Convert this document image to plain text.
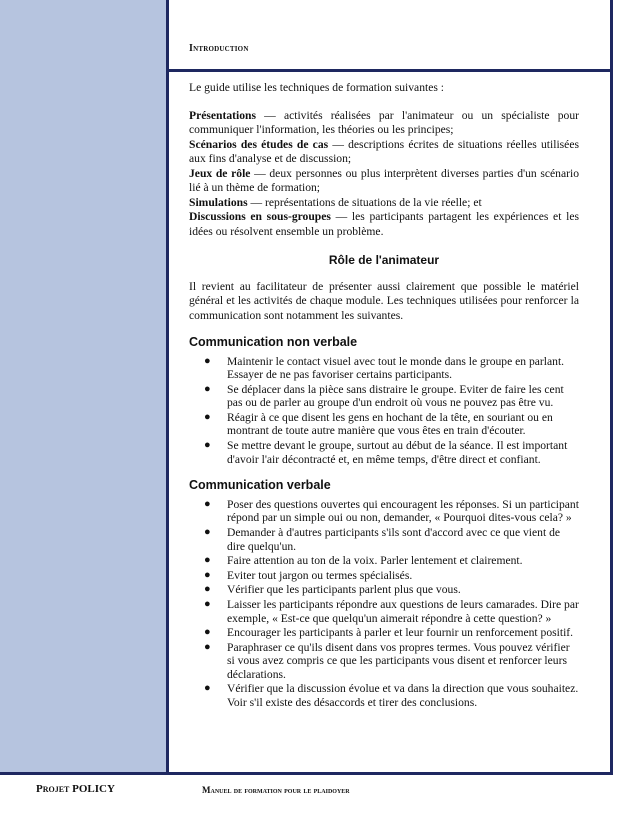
Introduction

Le guide utilise les techniques de formation suivantes :

Présentations — activités réalisées par l'animateur ou un spécialiste pour communiquer l'information, les théories ou les principes;

Scénarios des études de cas — descriptions écrites de situations réelles utilisées aux fins d'analyse et de discussion;

Jeux de rôle — deux personnes ou plus interprètent diverses parties d'un scénario lié à un thème de formation;

Simulations — représentations de situations de la vie réelle; et

Discussions en sous-groupes — les participants partagent les expériences et les idées ou résolvent ensemble un problème.

Rôle de l'animateur

Il revient au facilitateur de présenter aussi clairement que possible le matériel général et les activités de chaque module. Les techniques utilisées pour renforcer la communication sont notamment les suivantes.

Communication non verbale
● Maintenir le contact visuel avec tout le monde dans le groupe en parlant. Essayer de ne pas favoriser certains participants.
● Se déplacer dans la pièce sans distraire le groupe. Eviter de faire les cent pas ou de parler au groupe d'un endroit où vous ne pouvez pas être vu.
● Réagir à ce que disent les gens en hochant de la tête, en souriant ou en montrant de toute autre manière que vous êtes en train d'écouter.
● Se mettre devant le groupe, surtout au début de la séance. Il est important d'avoir l'air décontracté et, en même temps, d'être direct et confiant.
Communication verbale
● Poser des questions ouvertes qui encouragent les réponses. Si un participant répond par un simple oui ou non, demander, « Pourquoi dites-vous cela? »
● Demander à d'autres participants s'ils sont d'accord avec ce que vient de dire quelqu'un.
● Faire attention au ton de la voix. Parler lentement et clairement.
● Eviter tout jargon ou termes spécialisés.
● Vérifier que les participants parlent plus que vous.
● Laisser les participants répondre aux questions de leurs camarades. Dire par exemple, « Est-ce que quelqu'un aimerait répondre à cette question? »
● Encourager les participants à parler et leur fournir un renforcement positif.
● Paraphraser ce qu'ils disent dans vos propres termes. Vous pouvez vérifier si vous avez compris ce que les participants vous disent et renforcer leurs déclarations.
● Vérifier que la discussion évolue et va dans la direction que vous souhaitez. Voir s'il existe des désaccords et tirer des conclusions.
Projet POLICY	Manuel de formation pour le plaidoyer
